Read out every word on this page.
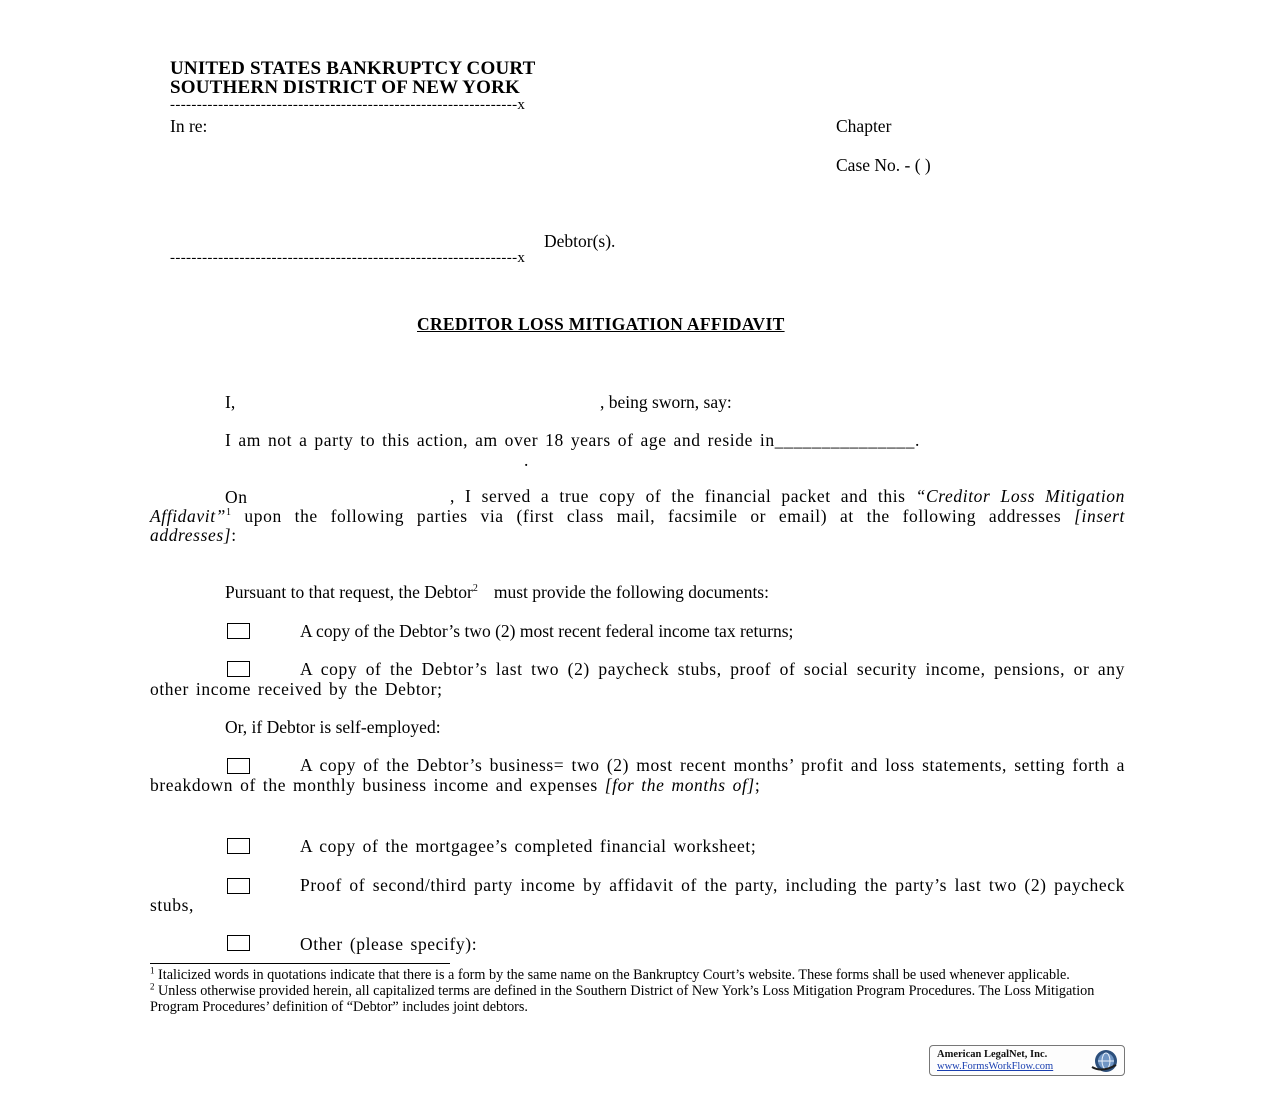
UNITED STATES BANKRUPTCY COURT
SOUTHERN DISTRICT OF NEW YORK
-----------------------------------------------------------------x
In re:	Chapter
Case No. - ( )
Debtor(s).
-----------------------------------------------------------------x
CREDITOR LOSS MITIGATION AFFIDAVIT
I,	, being sworn, say:
I am not a party to this action, am over 18 years of age and reside in_______________.
.
On	, I served a true copy of the financial packet and this “Creditor Loss Mitigation Affidavit”$^1$ upon the following parties via (first class mail, facsimile or email) at the following addresses [insert addresses]:
Pursuant to that request, the Debtor$^2$ must provide the following documents:
A copy of the Debtor’s two (2) most recent federal income tax returns;
A copy of the Debtor’s last two (2) paycheck stubs, proof of social security income, pensions, or any other income received by the Debtor;
Or, if Debtor is self-employed:
A copy of the Debtor’s business= two (2) most recent months’ profit and loss statements, setting forth a breakdown of the monthly business income and expenses [for the months of];
A copy of the mortgagee’s completed financial worksheet;
Proof of second/third party income by affidavit of the party, including the party’s last two (2) paycheck stubs,
Other (please specify):
$^1$ Italicized words in quotations indicate that there is a form by the same name on the Bankruptcy Court’s website. These forms shall be used whenever applicable.
$^2$ Unless otherwise provided herein, all capitalized terms are defined in the Southern District of New York’s Loss Mitigation Program Procedures. The Loss Mitigation Program Procedures’ definition of “Debtor” includes joint debtors.
American LegalNet, Inc.
www.FormsWorkFlow.com
